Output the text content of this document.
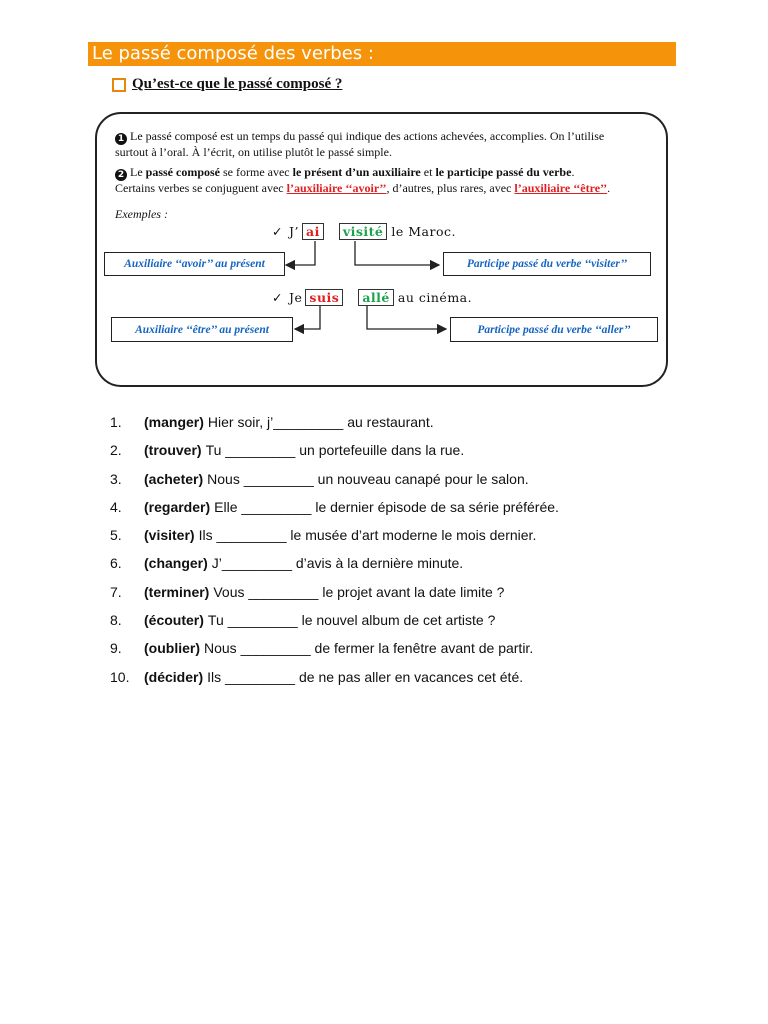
Le passé composé des verbes :
Qu’est-ce que le passé composé ?
1 Le passé composé est un temps du passé qui indique des actions achevées, accomplies. On l’utilise surtout à l’oral. À l’écrit, on utilise plutôt le passé simple.
2 Le passé composé se forme avec le présent d’un auxiliaire et le participe passé du verbe.
Certains verbes se conjuguent avec l’auxiliaire ‘‘avoir’’, d’autres, plus rares, avec l’auxiliaire ‘‘être’’.
Exemples :
✓ J’ ai	visité le Maroc.
✓ Je suis	allé au cinéma.
Auxiliaire ‘‘avoir’’ au présent	Participe passé du verbe ‘‘visiter’’
Auxiliaire ‘‘être’’ au présent	Participe passé du verbe ‘‘aller’’
1.	(manger) Hier soir, j’_________ au restaurant.
2.	(trouver) Tu _________ un portefeuille dans la rue.
3.	(acheter) Nous _________ un nouveau canapé pour le salon.
4.	(regarder) Elle _________ le dernier épisode de sa série préférée.
5.	(visiter) Ils _________ le musée d’art moderne le mois dernier.
6.	(changer) J’_________ d’avis à la dernière minute.
7.	(terminer) Vous _________ le projet avant la date limite ?
8.	(écouter) Tu _________ le nouvel album de cet artiste ?
9.	(oublier) Nous _________ de fermer la fenêtre avant de partir.
10.	(décider) Ils _________ de ne pas aller en vacances cet été.
